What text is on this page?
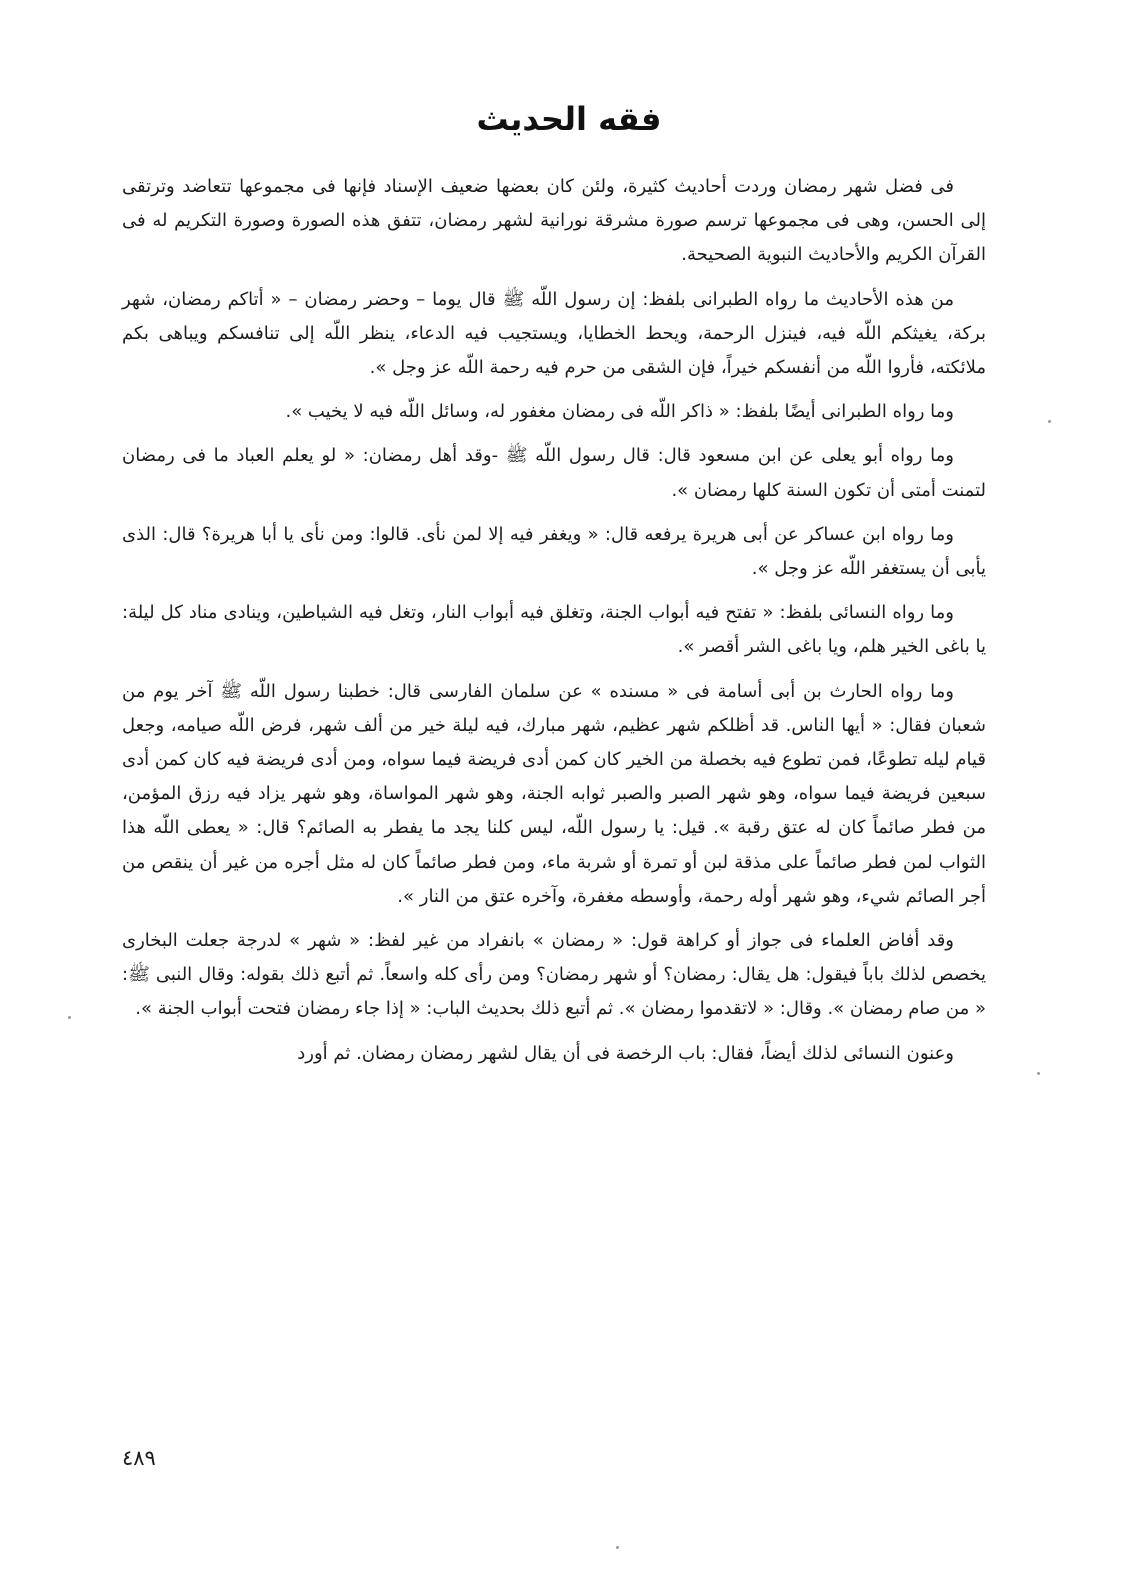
فقه الحديث

فى فضل شهر رمضان وردت أحاديث كثيرة، ولئن كان بعضها ضعيف الإسناد فإنها فى مجموعها تتعاضد وترتقى إلى الحسن، وهى فى مجموعها ترسم صورة مشرقة نورانية لشهر رمضان، تتفق هذه الصورة وصورة التكريم له فى القرآن الكريم والأحاديث النبوية الصحيحة.

من هذه الأحاديث ما رواه الطبرانى بلفظ: إن رسول اللّه ﷺ قال يوما – وحضر رمضان – « أتاكم رمضان، شهر بركة، يغيثكم اللّه فيه، فينزل الرحمة، ويحط الخطايا، ويستجيب فيه الدعاء، ينظر اللّه إلى تنافسكم ويباهى بكم ملائكته، فأروا اللّه من أنفسكم خيراً، فإن الشقى من حرم فيه رحمة اللّه عز وجل ».

وما رواه الطبرانى أيضًا بلفظ: « ذاكر اللّه فى رمضان مغفور له، وسائل اللّه فيه لا يخيب ».

وما رواه أبو يعلى عن ابن مسعود قال: قال رسول اللّه ﷺ -وقد أهل رمضان: « لو يعلم العباد ما فى رمضان لتمنت أمتى أن تكون السنة كلها رمضان ».

وما رواه ابن عساكر عن أبى هريرة يرفعه قال: « ويغفر فيه إلا لمن نأى. قالوا: ومن نأى يا أبا هريرة؟ قال: الذى يأبى أن يستغفر اللّه عز وجل ».

وما رواه النسائى بلفظ: « تفتح فيه أبواب الجنة، وتغلق فيه أبواب النار، وتغل فيه الشياطين، وينادى مناد كل ليلة: يا باغى الخير هلم، ويا باغى الشر أقصر ».

وما رواه الحارث بن أبى أسامة فى « مسنده » عن سلمان الفارسى قال: خطبنا رسول اللّه ﷺ آخر يوم من شعبان فقال: « أيها الناس. قد أظلكم شهر عظيم، شهر مبارك، فيه ليلة خير من ألف شهر، فرض اللّه صيامه، وجعل قيام ليله تطوعًا، فمن تطوع فيه بخصلة من الخير كان كمن أدى فريضة فيما سواه، ومن أدى فريضة فيه كان كمن أدى سبعين فريضة فيما سواه، وهو شهر الصبر والصبر ثوابه الجنة، وهو شهر المواساة، وهو شهر يزاد فيه رزق المؤمن، من فطر صائماً كان له عتق رقبة ». قيل: يا رسول اللّه، ليس كلنا يجد ما يفطر به الصائم؟ قال: « يعطى اللّه هذا الثواب لمن فطر صائماً على مذقة لبن أو تمرة أو شربة ماء، ومن فطر صائماً كان له مثل أجره من غير أن ينقص من أجر الصائم شيء، وهو شهر أوله رحمة، وأوسطه مغفرة، وآخره عتق من النار ».

وقد أفاض العلماء فى جواز أو كراهة قول: « رمضان » بانفراد من غير لفظ: « شهر » لدرجة جعلت البخارى يخصص لذلك باباً فيقول: هل يقال: رمضان؟ أو شهر رمضان؟ ومن رأى كله واسعاً. ثم أتبع ذلك بقوله: وقال النبى ﷺ: « من صام رمضان ». وقال: « لاتقدموا رمضان ». ثم أتبع ذلك بحديث الباب: « إذا جاء رمضان فتحت أبواب الجنة ».

وعنون النسائى لذلك أيضاً، فقال: باب الرخصة فى أن يقال لشهر رمضان رمضان. ثم أورد

٤٨٩
